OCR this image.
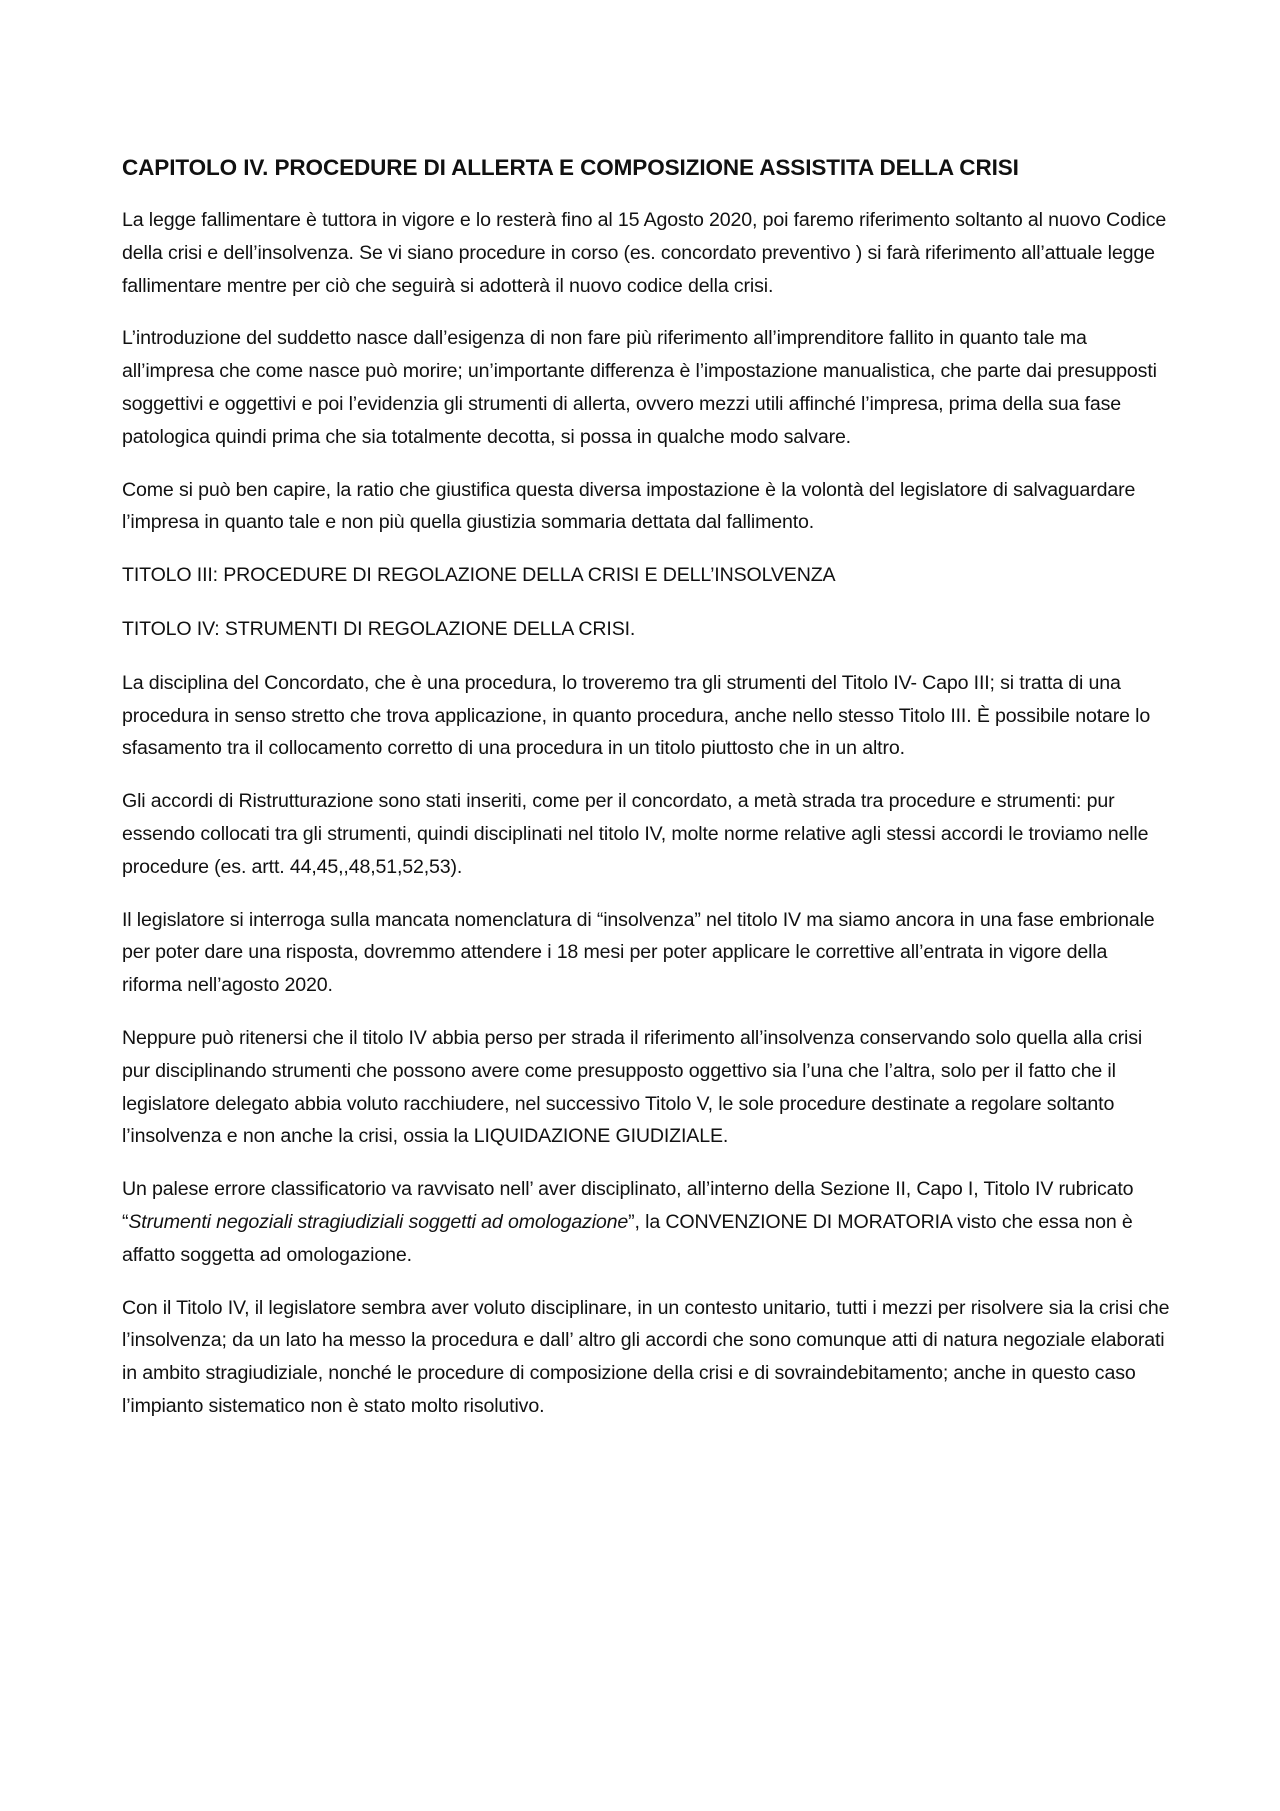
CAPITOLO IV. PROCEDURE DI ALLERTA E COMPOSIZIONE ASSISTITA DELLA CRISI

La legge fallimentare è tuttora in vigore e lo resterà fino al 15 Agosto 2020, poi faremo riferimento soltanto al nuovo Codice della crisi e dell’insolvenza. Se vi siano procedure in corso (es. concordato preventivo ) si farà riferimento all’attuale legge fallimentare mentre per ciò che seguirà si adotterà il nuovo codice della crisi.

L’introduzione del suddetto nasce dall’esigenza di non fare più riferimento all’imprenditore fallito in quanto tale ma all’impresa che come nasce può morire; un’importante differenza è l’impostazione manualistica, che parte dai presupposti soggettivi e oggettivi e poi l’evidenzia gli strumenti di allerta, ovvero mezzi utili affinché l’impresa, prima della sua fase patologica quindi prima che sia totalmente decotta, si possa in qualche modo salvare.

Come si può ben capire, la ratio che giustifica questa diversa impostazione è la volontà del legislatore di salvaguardare l’impresa in quanto tale e non più quella giustizia sommaria dettata dal fallimento.

TITOLO III: PROCEDURE DI REGOLAZIONE DELLA CRISI E DELL’INSOLVENZA

TITOLO IV: STRUMENTI DI REGOLAZIONE DELLA CRISI.

La disciplina del Concordato, che è una procedura, lo troveremo tra gli strumenti del Titolo IV- Capo III; si tratta di una procedura in senso stretto che trova applicazione, in quanto procedura, anche nello stesso Titolo III. È possibile notare lo sfasamento tra il collocamento corretto di una procedura in un titolo piuttosto che in un altro.

Gli accordi di Ristrutturazione sono stati inseriti, come per il concordato, a metà strada tra procedure e strumenti: pur essendo collocati tra gli strumenti, quindi disciplinati nel titolo IV, molte norme relative agli stessi accordi le troviamo nelle procedure (es. artt. 44,45,,48,51,52,53).

Il legislatore si interroga sulla mancata nomenclatura di “insolvenza” nel titolo IV ma siamo ancora in una fase embrionale per poter dare una risposta, dovremmo attendere i 18 mesi per poter applicare le correttive all’entrata in vigore della riforma nell’agosto 2020.

Neppure può ritenersi che il titolo IV abbia perso per strada il riferimento all’insolvenza conservando solo quella alla crisi pur disciplinando strumenti che possono avere come presupposto oggettivo sia l’una che l’altra, solo per il fatto che il legislatore delegato abbia voluto racchiudere, nel successivo Titolo V, le sole procedure destinate a regolare soltanto l’insolvenza e non anche la crisi, ossia la LIQUIDAZIONE GIUDIZIALE.

Un palese errore classificatorio va ravvisato nell’ aver disciplinato, all’interno della Sezione II, Capo I, Titolo IV rubricato “Strumenti negoziali stragiudiziali soggetti ad omologazione”, la CONVENZIONE DI MORATORIA visto che essa non è affatto soggetta ad omologazione.

Con il Titolo IV, il legislatore sembra aver voluto disciplinare, in un contesto unitario, tutti i mezzi per risolvere sia la crisi che l’insolvenza; da un lato ha messo la procedura e dall’ altro gli accordi che sono comunque atti di natura negoziale elaborati in ambito stragiudiziale, nonché le procedure di composizione della crisi e di sovraindebitamento; anche in questo caso l’impianto sistematico non è stato molto risolutivo.
